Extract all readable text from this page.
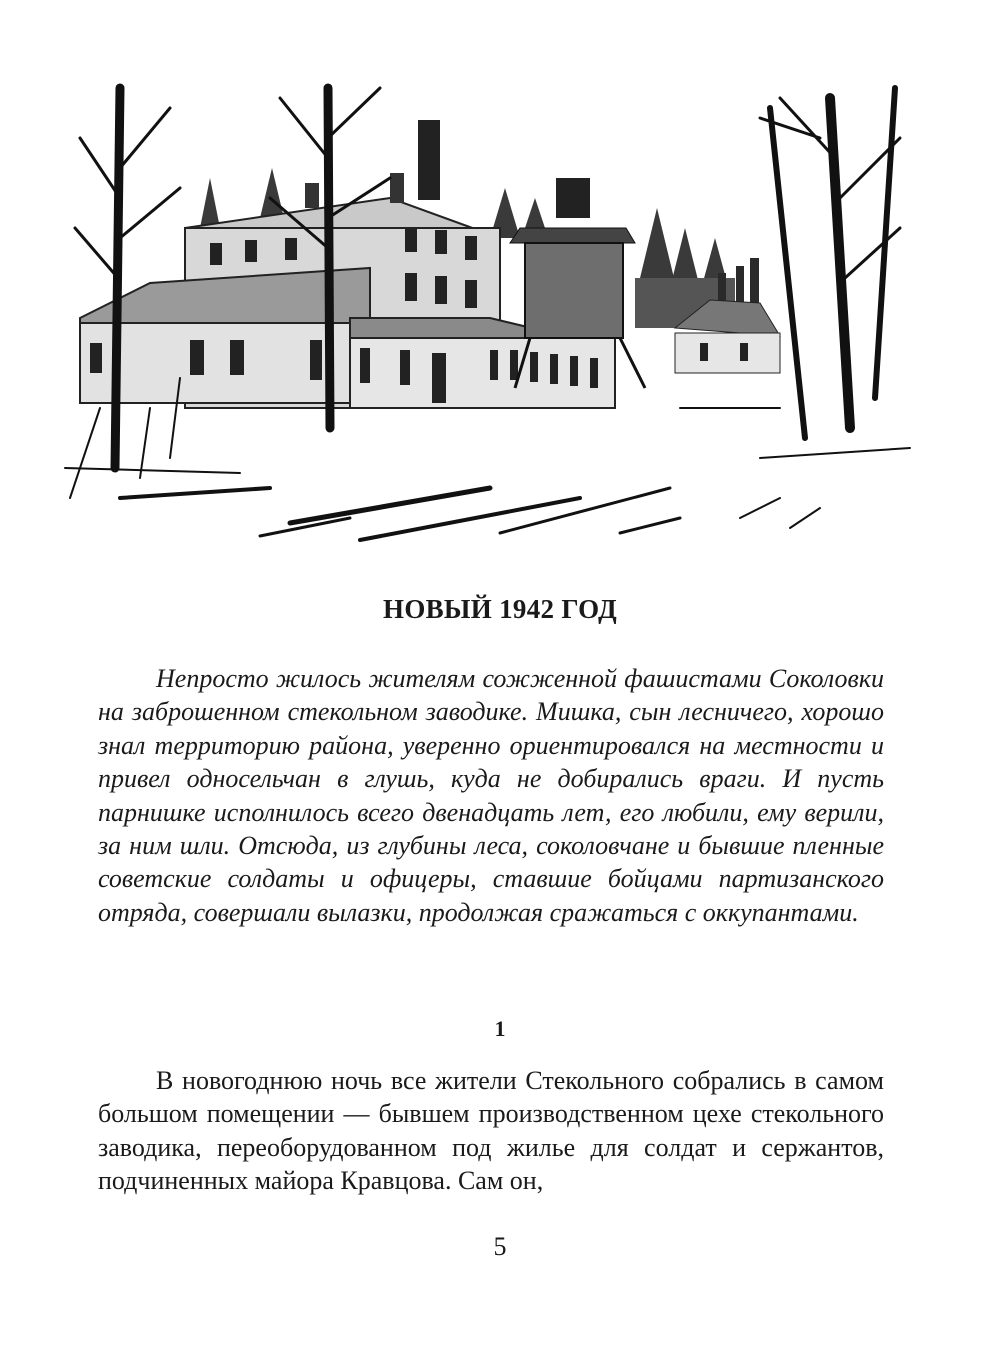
НОВЫЙ 1942 ГОД

Непросто жилось жителям сожженной фашистами Соколовки на заброшенном стекольном заводике. Мишка, сын лесничего, хорошо знал территорию района, уверенно ориентировался на местности и привел односельчан в глушь, куда не добирались враги. И пусть парнишке исполнилось всего двенадцать лет, его любили, ему верили, за ним шли. Отсюда, из глубины леса, соколовчане и бывшие пленные советские солдаты и офицеры, ставшие бойцами партизанского отряда, совершали вылазки, продолжая сражаться с оккупантами.

1

В новогоднюю ночь все жители Стекольного собрались в самом большом помещении — бывшем производственном цехе стекольного заводика, переоборудованном под жилье для солдат и сержантов, подчиненных майора Кравцова. Сам он,

5
